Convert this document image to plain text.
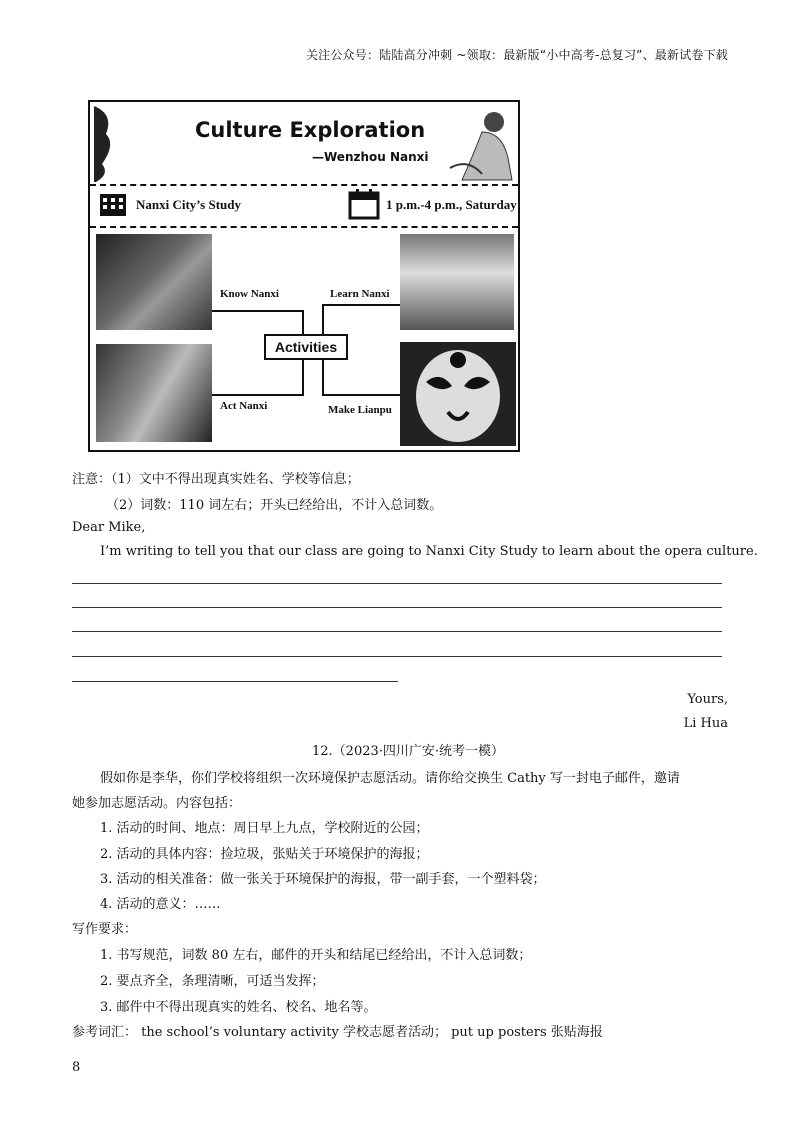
关注公众号：陆陆高分冲刺 ~领取：最新版“小中高考-总复习”、最新试卷下载
Culture Exploration
—Wenzhou Nanxi
Nanxi City’s Study	1 p.m.-4 p.m., Saturday
Know Nanxi	Learn Nanxi
Activities
Act Nanxi	Make Lianpu
注意：（1）文中不得出现真实姓名、学校等信息；
（2）词数：110 词左右；开头已经给出，不计入总词数。
Dear Mike,
I’m writing to tell you that our class are going to Nanxi City Study to learn about the opera culture.
Yours,
Li Hua
12.（2023·四川广安·统考一模）
假如你是李华，你们学校将组织一次环境保护志愿活动。请你给交换生 Cathy 写一封电子邮件，邀请
她参加志愿活动。内容包括：
1. 活动的时间、地点：周日早上九点，学校附近的公园；
2. 活动的具体内容：捡垃圾，张贴关于环境保护的海报；
3. 活动的相关准备：做一张关于环境保护的海报，带一副手套，一个塑料袋；
4. 活动的意义：……
写作要求：
1. 书写规范，词数 80 左右，邮件的开头和结尾已经给出，不计入总词数；
2. 要点齐全，条理清晰，可适当发挥；
3. 邮件中不得出现真实的姓名、校名、地名等。
参考词汇： the school’s voluntary activity 学校志愿者活动； put up posters 张贴海报
8
